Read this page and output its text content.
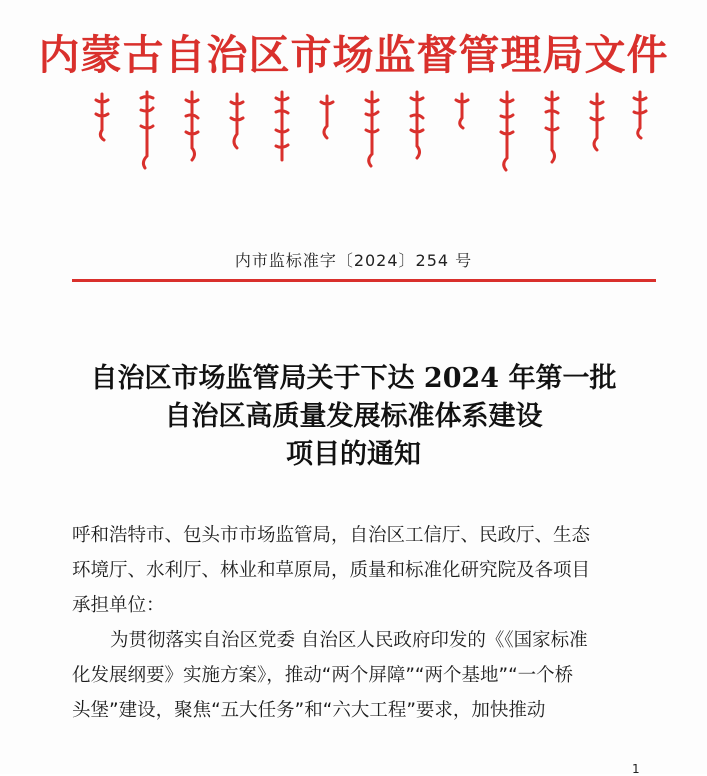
内蒙古自治区市场监督管理局文件
内市监标准字〔2024〕254 号
自治区市场监管局关于下达 2024 年第一批
自治区高质量发展标准体系建设
项目的通知
呼和浩特市、包头市市场监管局，自治区工信厅、民政厅、生态
环境厅、水利厅、林业和草原局，质量和标准化研究院及各项目
承担单位：
为贯彻落实自治区党委 自治区人民政府印发的《《国家标准
化发展纲要》实施方案》，推动“两个屏障”“两个基地”“一个桥
头堡”建设，聚焦“五大任务”和“六大工程”要求，加快推动
1
